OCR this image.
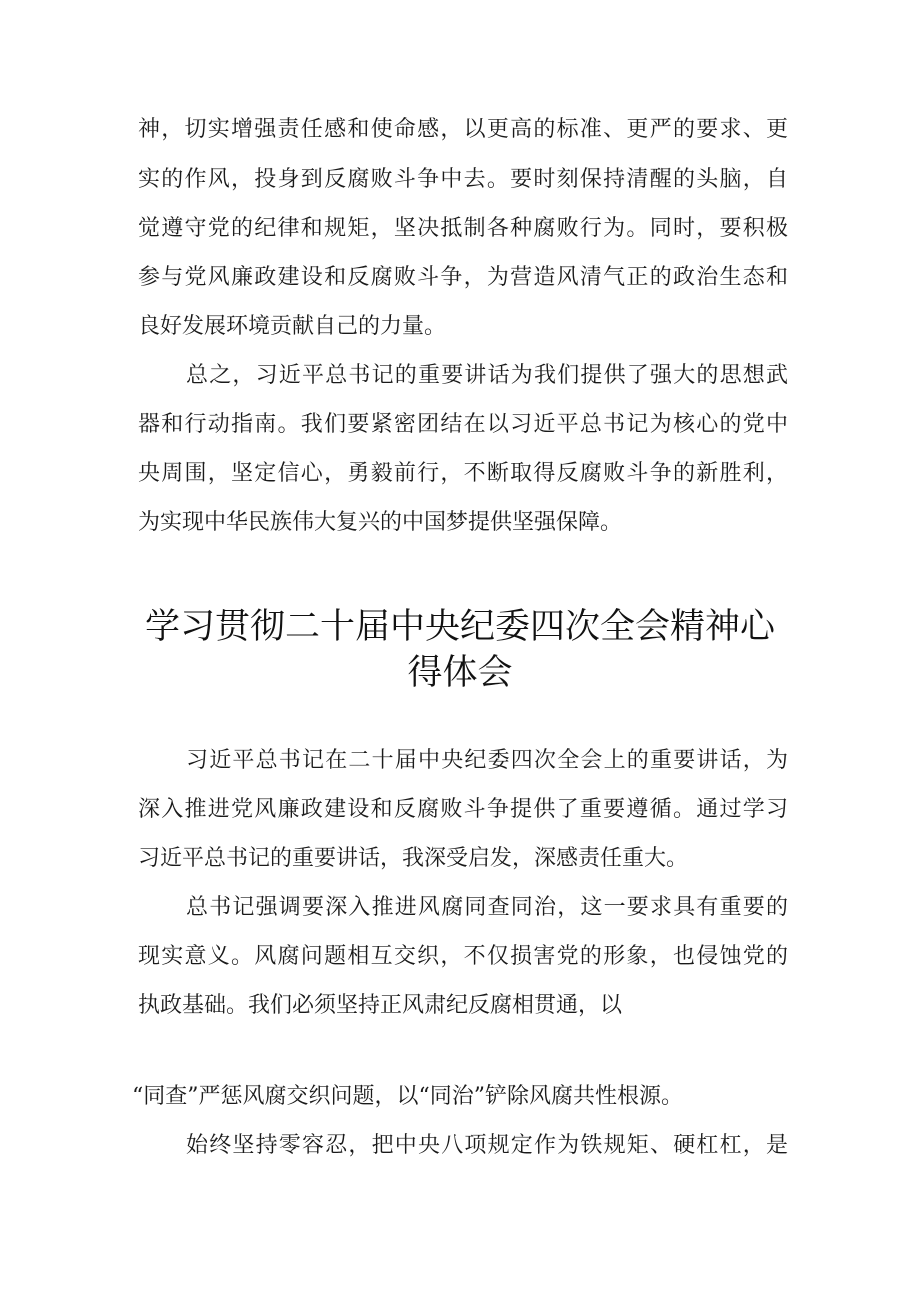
神，切实增强责任感和使命感，以更高的标准、更严的要求、更
实的作风，投身到反腐败斗争中去。要时刻保持清醒的头脑，自
觉遵守党的纪律和规矩，坚决抵制各种腐败行为。同时，要积极
参与党风廉政建设和反腐败斗争，为营造风清气正的政治生态和
良好发展环境贡献自己的力量。
总之，习近平总书记的重要讲话为我们提供了强大的思想武
器和行动指南。我们要紧密团结在以习近平总书记为核心的党中
央周围，坚定信心，勇毅前行，不断取得反腐败斗争的新胜利，
为实现中华民族伟大复兴的中国梦提供坚强保障。
学习贯彻二十届中央纪委四次全会精神心
得体会
习近平总书记在二十届中央纪委四次全会上的重要讲话，为
深入推进党风廉政建设和反腐败斗争提供了重要遵循。通过学习
习近平总书记的重要讲话，我深受启发，深感责任重大。
总书记强调要深入推进风腐同查同治，这一要求具有重要的
现实意义。风腐问题相互交织，不仅损害党的形象，也侵蚀党的
执政基础。我们必须坚持正风肃纪反腐相贯通，以
“同查”严惩风腐交织问题，以“同治”铲除风腐共性根源。
始终坚持零容忍，把中央八项规定作为铁规矩、硬杠杠，是
